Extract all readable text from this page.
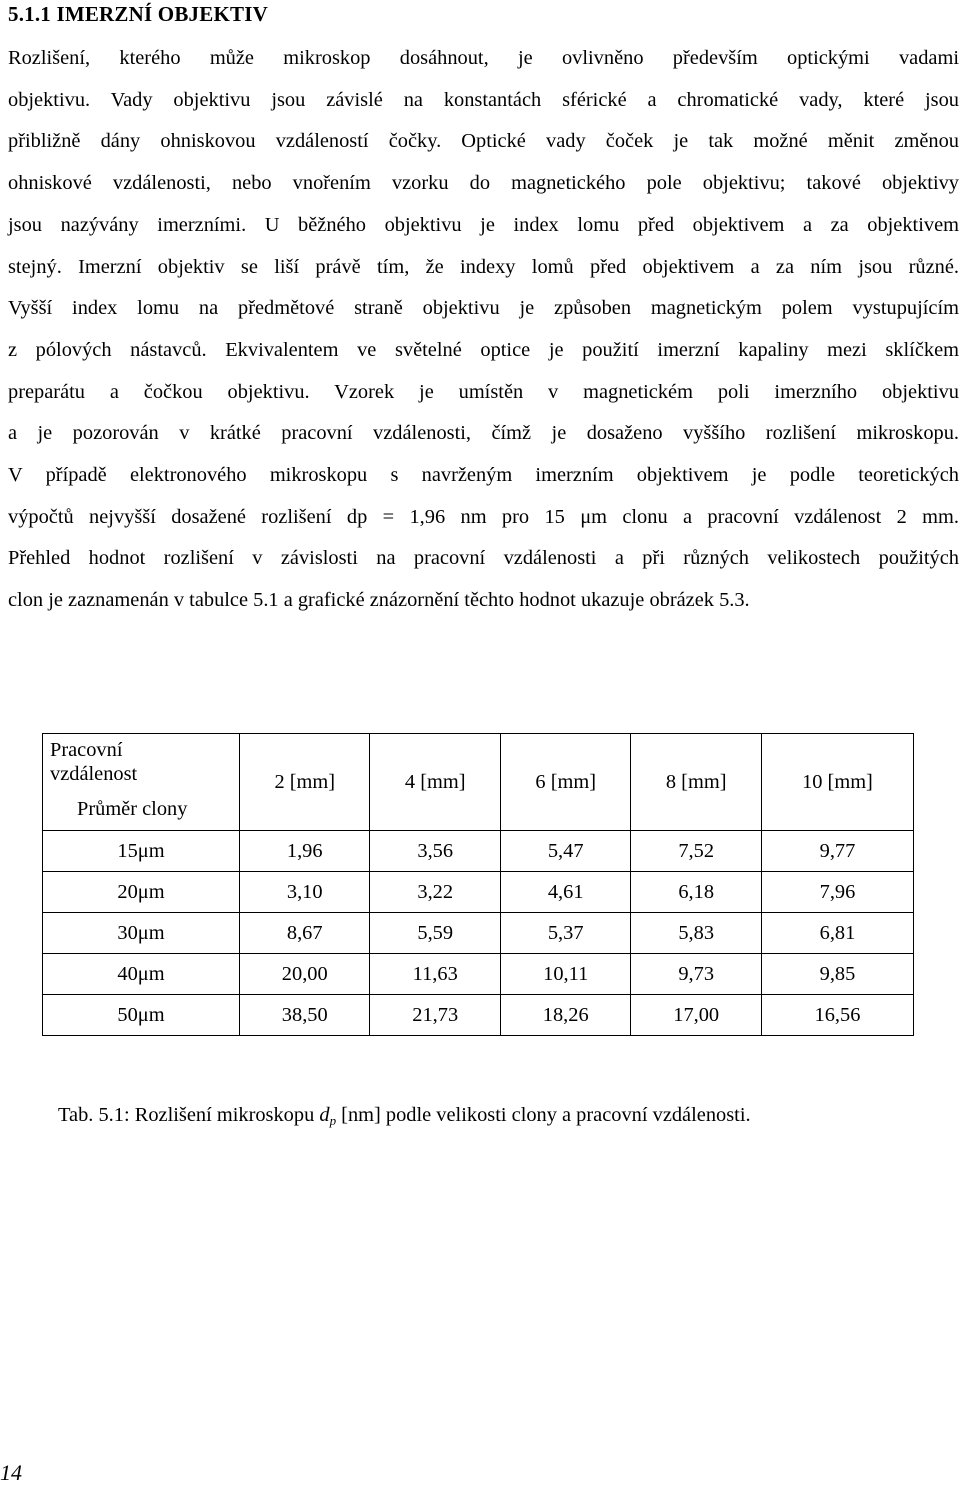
5.1.1 IMERZNÍ OBJEKTIV
Rozlišení, kterého může mikroskop dosáhnout, je ovlivněno především optickými vadami
objektivu. Vady objektivu jsou závislé na konstantách sférické a chromatické vady, které jsou
přibližně dány ohniskovou vzdáleností čočky. Optické vady čoček je tak možné měnit změnou
ohniskové vzdálenosti, nebo vnořením vzorku do magnetického pole objektivu; takové objektivy
jsou nazývány imerzními. U běžného objektivu je index lomu před objektivem a za objektivem
stejný. Imerzní objektiv se liší právě tím, že indexy lomů před objektivem a za ním jsou různé.
Vyšší index lomu na předmětové straně objektivu je způsoben magnetickým polem vystupujícím
z pólových nástavců. Ekvivalentem ve světelné optice je použití imerzní kapaliny mezi sklíčkem
preparátu a čočkou objektivu. Vzorek je umístěn v magnetickém poli imerzního objektivu
a je pozorován v krátké pracovní vzdálenosti, čímž je dosaženo vyššího rozlišení mikroskopu.
V případě elektronového mikroskopu s navrženým imerzním objektivem je podle teoretických
výpočtů nejvyšší dosažené rozlišení dp = 1,96 nm pro 15 μm clonu a pracovní vzdálenost 2 mm.
Přehled hodnot rozlišení v závislosti na pracovní vzdálenosti a při různých velikostech použitých
clon je zaznamenán v tabulce 5.1 a grafické znázornění těchto hodnot ukazuje obrázek 5.3.
Pracovní
vzdálenost
Průměr clony	2 [mm]	4 [mm]	6 [mm]	8 [mm]	10 [mm]
15μm	1,96	3,56	5,47	7,52	9,77
20μm	3,10	3,22	4,61	6,18	7,96
30μm	8,67	5,59	5,37	5,83	6,81
40μm	20,00	11,63	10,11	9,73	9,85
50μm	38,50	21,73	18,26	17,00	16,56
Tab. 5.1: Rozlišení mikroskopu $d_p$ [nm] podle velikosti clony a pracovní vzdálenosti.
14
